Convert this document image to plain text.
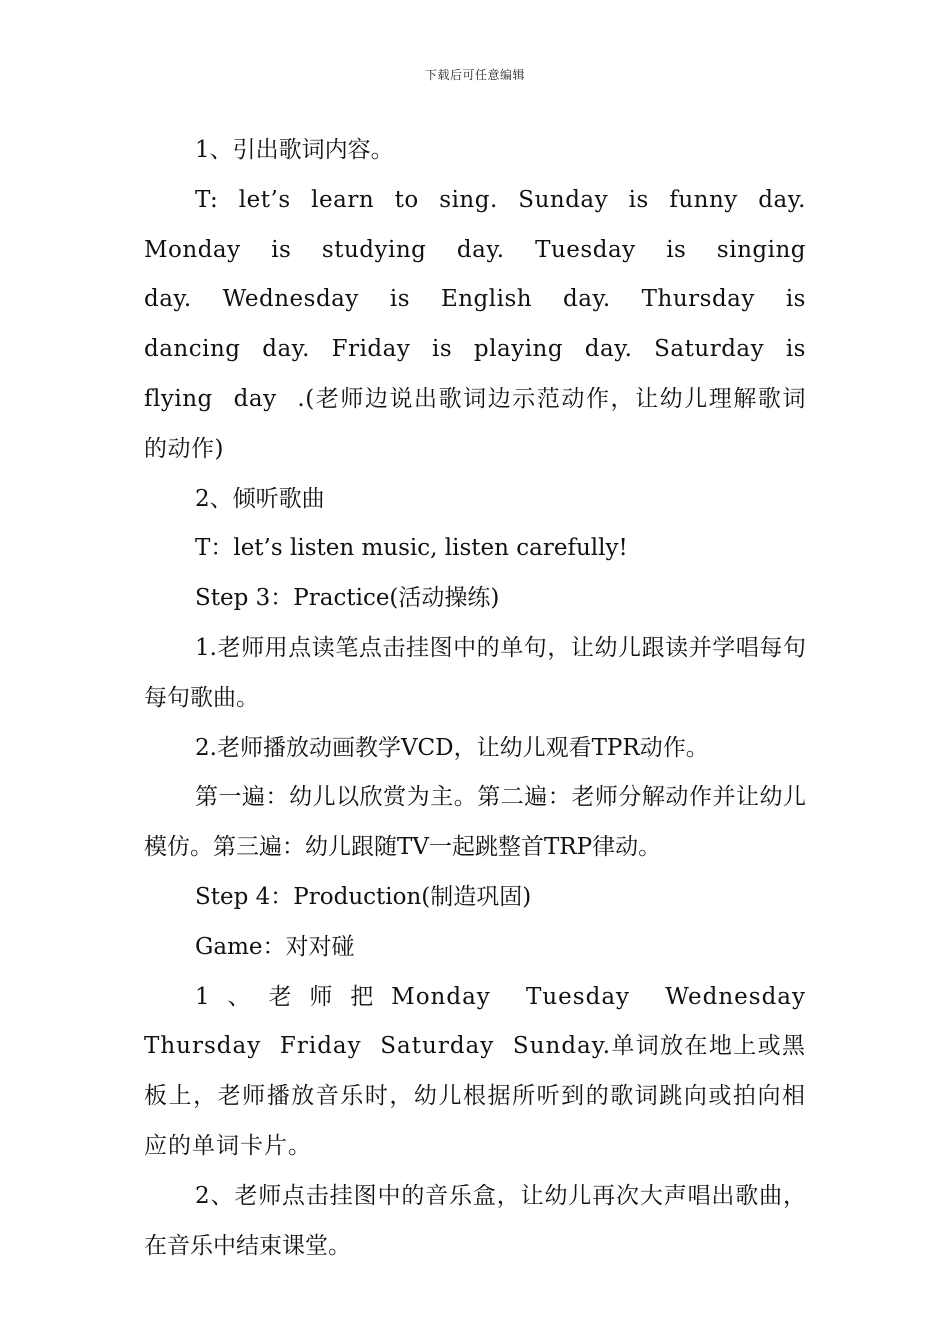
下载后可任意编辑

1、引出歌词内容。

T: let’s learn to sing. Sunday is funny day. Monday is studying day. Tuesday is singing day. Wednesday is English day. Thursday is dancing day. Friday is playing day. Saturday is flying day .(老师边说出歌词边示范动作，让幼儿理解歌词的动作)

2、倾听歌曲

T：let’s listen music, listen carefully!

Step 3：Practice(活动操练)

1.老师用点读笔点击挂图中的单句，让幼儿跟读并学唱每句每句歌曲。

2.老师播放动画教学VCD，让幼儿观看TPR动作。

第一遍：幼儿以欣赏为主。第二遍：老师分解动作并让幼儿模仿。第三遍：幼儿跟随TV一起跳整首TRP律动。

Step 4：Production(制造巩固)

Game：对对碰

1、老师把Monday Tuesday Wednesday Thursday Friday Saturday Sunday.单词放在地上或黑板上，老师播放音乐时，幼儿根据所听到的歌词跳向或拍向相应的单词卡片。

2、老师点击挂图中的音乐盒，让幼儿再次大声唱出歌曲，在音乐中结束课堂。
